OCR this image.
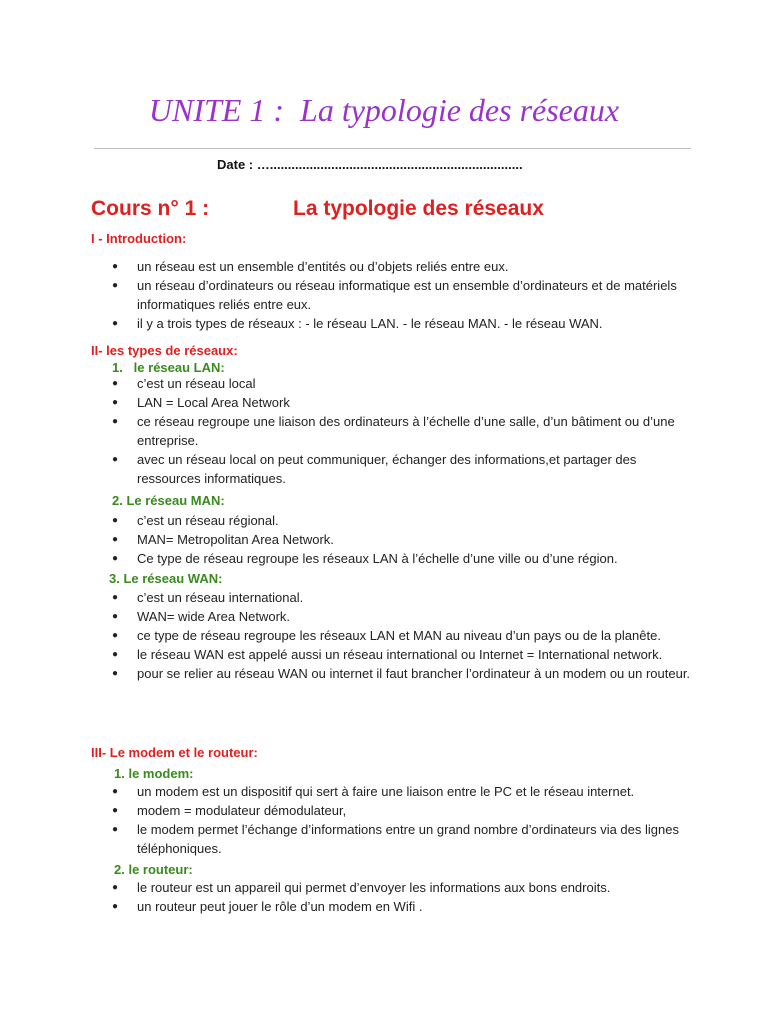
UNITE 1 :  La typologie des réseaux
Date : …......................................................................
Cours n° 1 :	La typologie des réseaux
I - Introduction:
● un réseau est un ensemble d’entités ou d’objets reliés entre eux.
● un réseau d’ordinateurs ou réseau informatique est un ensemble d’ordinateurs et de matériels informatiques reliés entre eux.
● il y a trois types de réseaux : - le réseau LAN. - le réseau MAN. - le réseau WAN.
II- les types de réseaux:
1.   le réseau LAN:
● c’est un réseau local
● LAN = Local Area Network
● ce réseau regroupe une liaison des ordinateurs à l’échelle d’une salle, d’un bâtiment ou d’une entreprise.
● avec un réseau local on peut communiquer, échanger des informations,et partager des ressources informatiques.
2. Le réseau MAN:
● c’est un réseau régional.
● MAN= Metropolitan Area Network.
● Ce type de réseau regroupe les réseaux LAN à l’échelle d’une ville ou d’une région.
3. Le réseau WAN:
● c’est un réseau international.
● WAN= wide Area Network.
● ce type de réseau regroupe les réseaux LAN et MAN au niveau d’un pays ou de la planête.
● le réseau WAN est appelé aussi un réseau international ou Internet = International network.
● pour se relier au réseau WAN ou internet il faut brancher l’ordinateur à un modem ou un routeur.
III- Le modem et le routeur:
1. le modem:
● un modem est un dispositif qui sert à faire une liaison entre le PC et le réseau internet.
● modem = modulateur démodulateur,
● le modem permet l’échange d’informations entre un grand nombre d’ordinateurs via des lignes téléphoniques.
2. le routeur:
● le routeur est un appareil qui permet d’envoyer les informations aux bons endroits.
● un routeur peut jouer le rôle d’un modem en Wifi .
